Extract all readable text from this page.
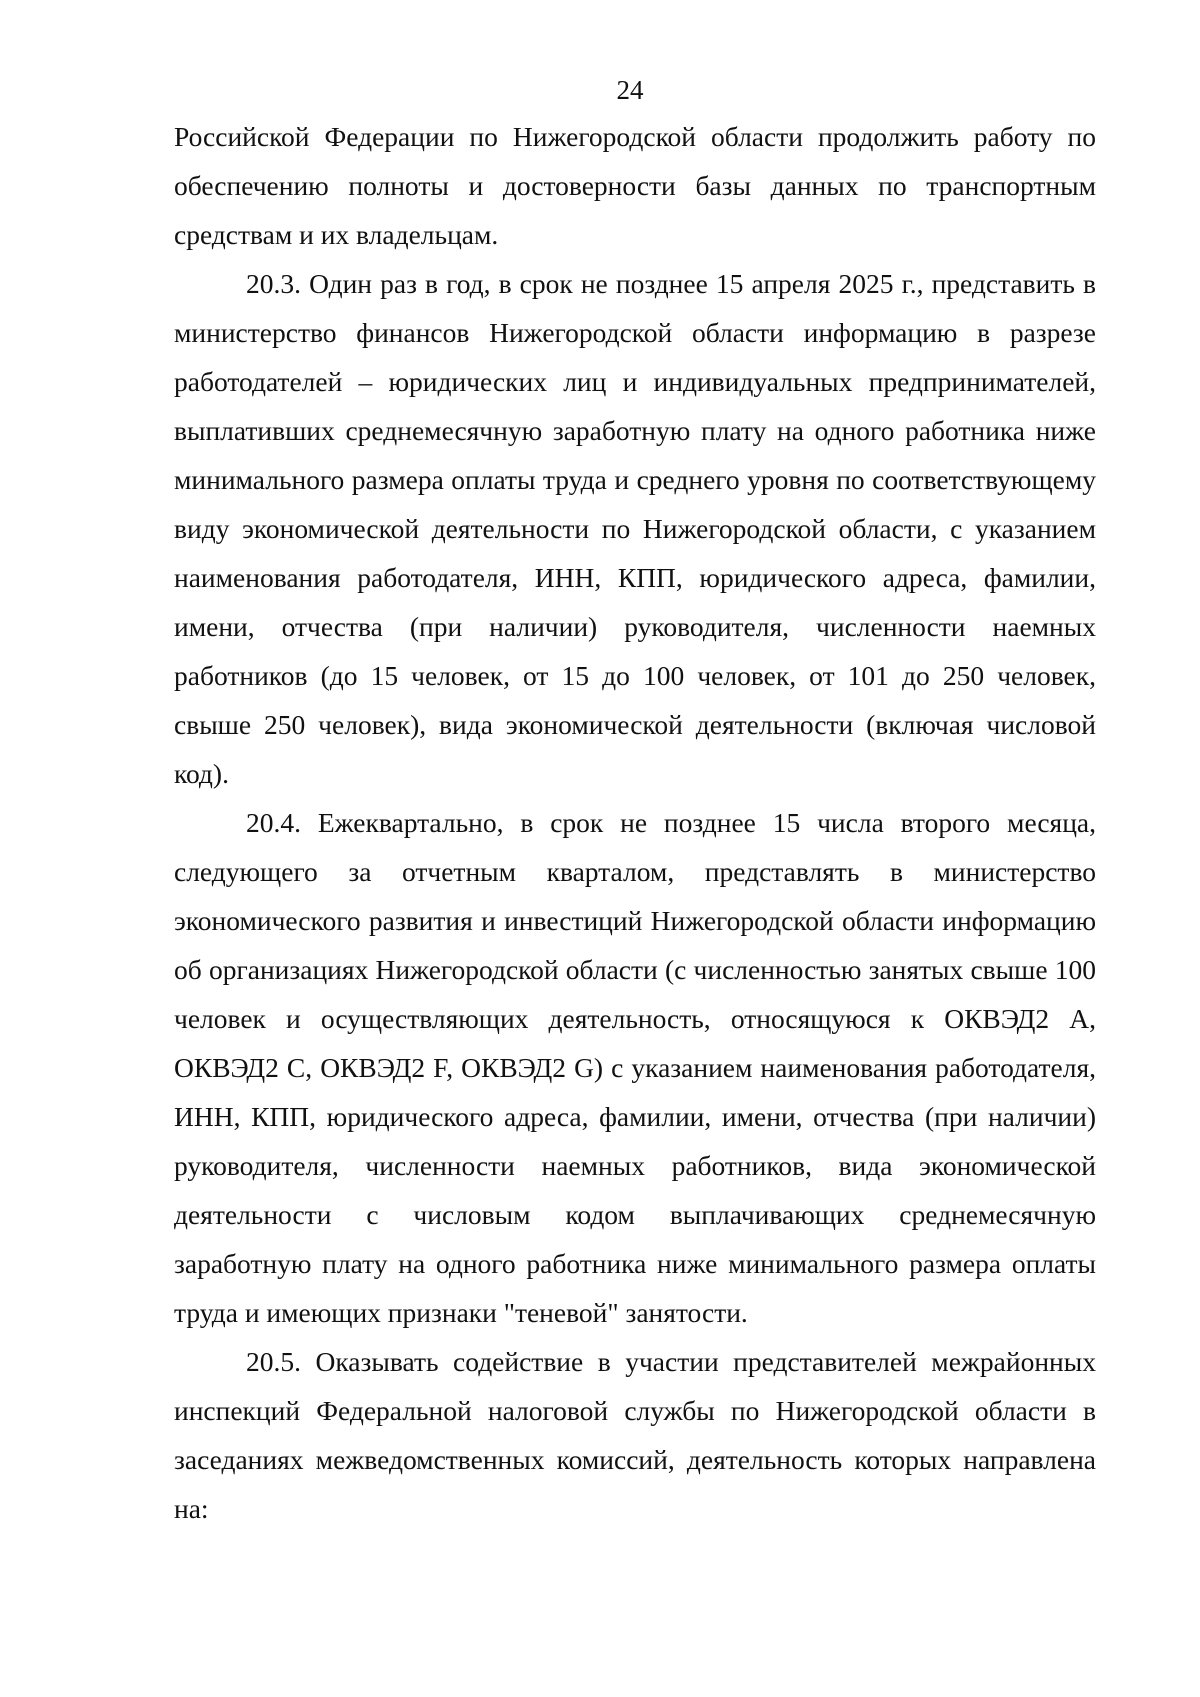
24

Российской Федерации по Нижегородской области продолжить работу по обеспечению полноты и достоверности базы данных по транспортным средствам и их владельцам.

20.3. Один раз в год, в срок не позднее 15 апреля 2025 г., представить в министерство финансов Нижегородской области информацию в разрезе работодателей – юридических лиц и индивидуальных предпринимателей, выплативших среднемесячную заработную плату на одного работника ниже минимального размера оплаты труда и среднего уровня по соответствующему виду экономической деятельности по Нижегородской области, с указанием наименования работодателя, ИНН, КПП, юридического адреса, фамилии, имени, отчества (при наличии) руководителя, численности наемных работников (до 15 человек, от 15 до 100 человек, от 101 до 250 человек, свыше 250 человек), вида экономической деятельности (включая числовой код).

20.4. Ежеквартально, в срок не позднее 15 числа второго месяца, следующего за отчетным кварталом, представлять в министерство экономического развития и инвестиций Нижегородской области информацию об организациях Нижегородской области (с численностью занятых свыше 100 человек и осуществляющих деятельность, относящуюся к ОКВЭД2 A, ОКВЭД2 C, ОКВЭД2 F, ОКВЭД2 G) с указанием наименования работодателя, ИНН, КПП, юридического адреса, фамилии, имени, отчества (при наличии) руководителя, численности наемных работников, вида экономической деятельности с числовым кодом выплачивающих среднемесячную заработную плату на одного работника ниже минимального размера оплаты труда и имеющих признаки "теневой" занятости.

20.5. Оказывать содействие в участии представителей межрайонных инспекций Федеральной налоговой службы по Нижегородской области в заседаниях межведомственных комиссий, деятельность которых направлена на:
